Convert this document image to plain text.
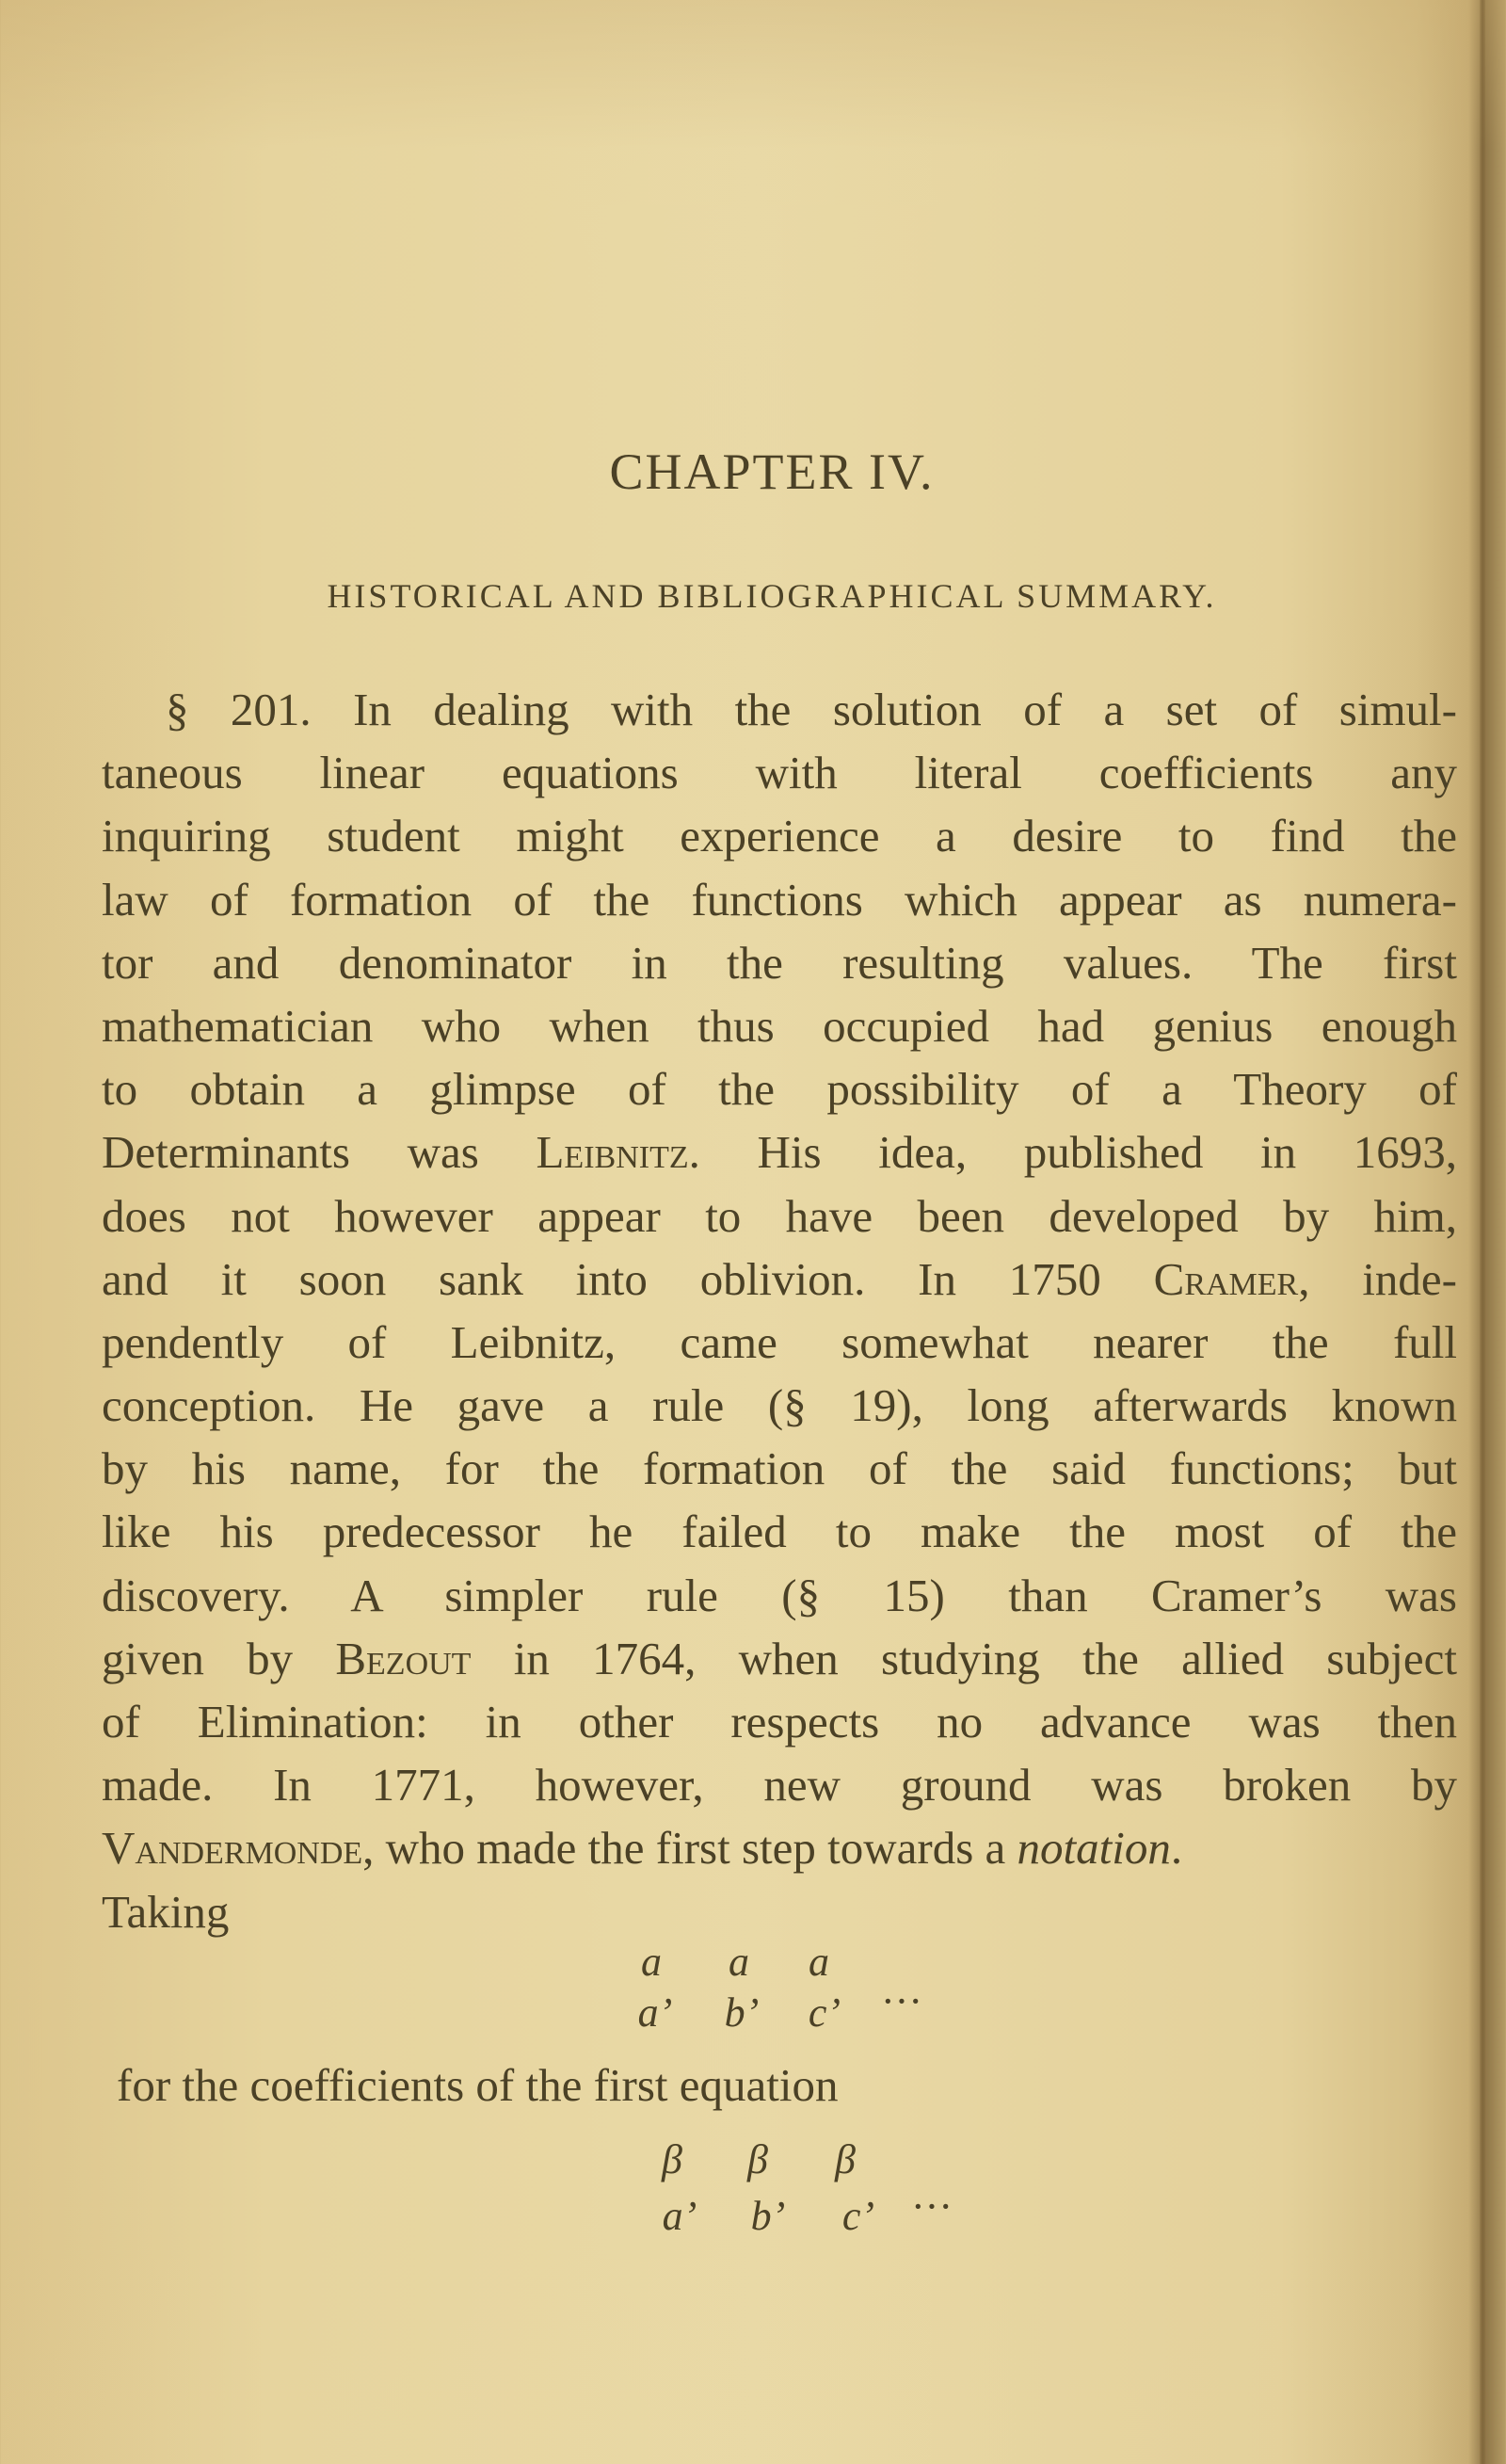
CHAPTER IV.
HISTORICAL AND BIBLIOGRAPHICAL SUMMARY.
§ 201. In dealing with the solution of a set of simul-
taneous linear equations with literal coefficients any
inquiring student might experience a desire to find the
law of formation of the functions which appear as numera-
tor and denominator in the resulting values. The first
mathematician who when thus occupied had genius enough
to obtain a glimpse of the possibility of a Theory of
Determinants was Leibnitz. His idea, published in 1693,
does not however appear to have been developed by him,
and it soon sank into oblivion. In 1750 Cramer, inde-
pendently of Leibnitz, came somewhat nearer the full
conception. He gave a rule (§ 19), long afterwards known
by his name, for the formation of the said functions; but
like his predecessor he failed to make the most of the
discovery. A simpler rule (§ 15) than Cramer’s was
given by Bezout in 1764, when studying the allied subject
of Elimination: in other respects no advance was then
made. In 1771, however, new ground was broken by
Vandermonde, who made the first step towards a notation.
Taking
a	a	a
a’	b’	c’ ···
for the coefficients of the first equation
β	β	β
a’	b’	c’ ···
